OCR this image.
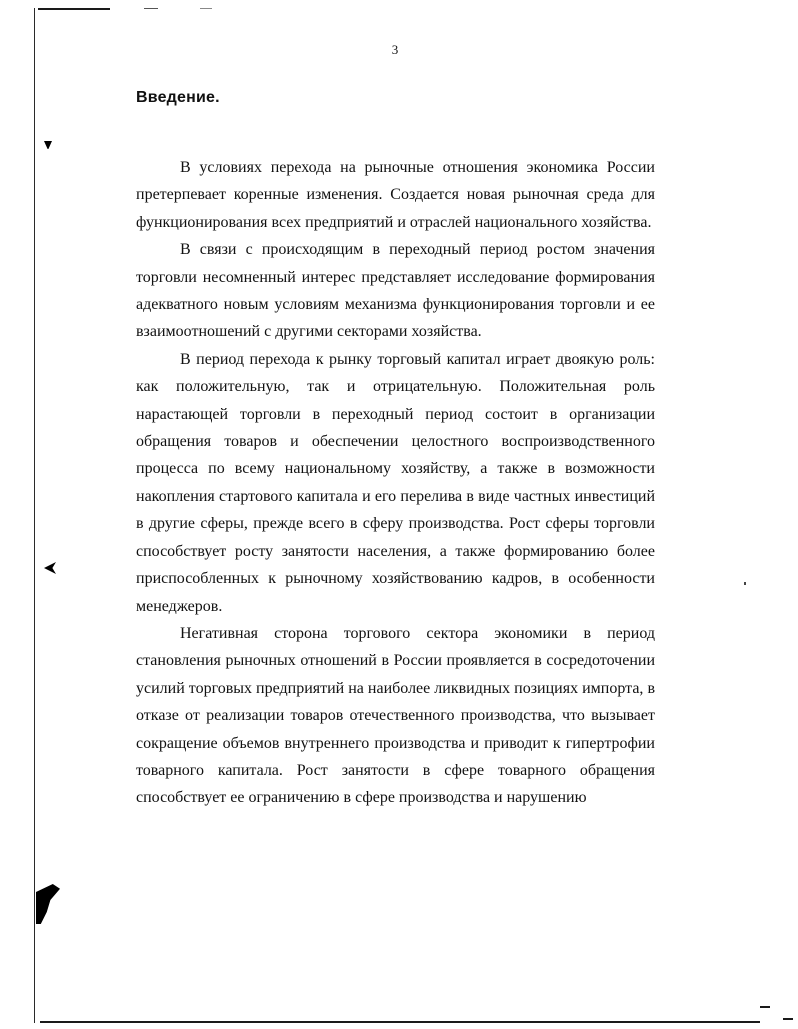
3
Введение.

В условиях перехода на рыночные отношения экономика России претерпевает коренные изменения. Создается новая рыночная среда для функционирования всех предприятий и отраслей национального хозяйства.

В связи с происходящим в переходный период ростом значения торговли несомненный интерес представляет исследование формирования адекватного новым условиям механизма функционирования торговли и ее взаимоотношений с другими секторами хозяйства.

В период перехода к рынку торговый капитал играет двоякую роль: как положительную, так и отрицательную. Положительная роль нарастающей торговли в переходный период состоит в организации обращения товаров и обеспечении целостного воспроизводственного процесса по всему национальному хозяйству, а также в возможности накопления стартового капитала и его перелива в виде частных инвестиций в другие сферы, прежде всего в сферу производства. Рост сферы торговли способствует росту занятости населения, а также формированию более приспособленных к рыночному хозяйствованию кадров, в особенности менеджеров.

Негативная сторона торгового сектора экономики в период становления рыночных отношений в России проявляется в сосредоточении усилий торговых предприятий на наиболее ликвидных позициях импорта, в отказе от реализации товаров отечественного производства, что вызывает сокращение объемов внутреннего производства и приводит к гипертрофии товарного капитала. Рост занятости в сфере товарного обращения способствует ее ограничению в сфере производства и нарушению
